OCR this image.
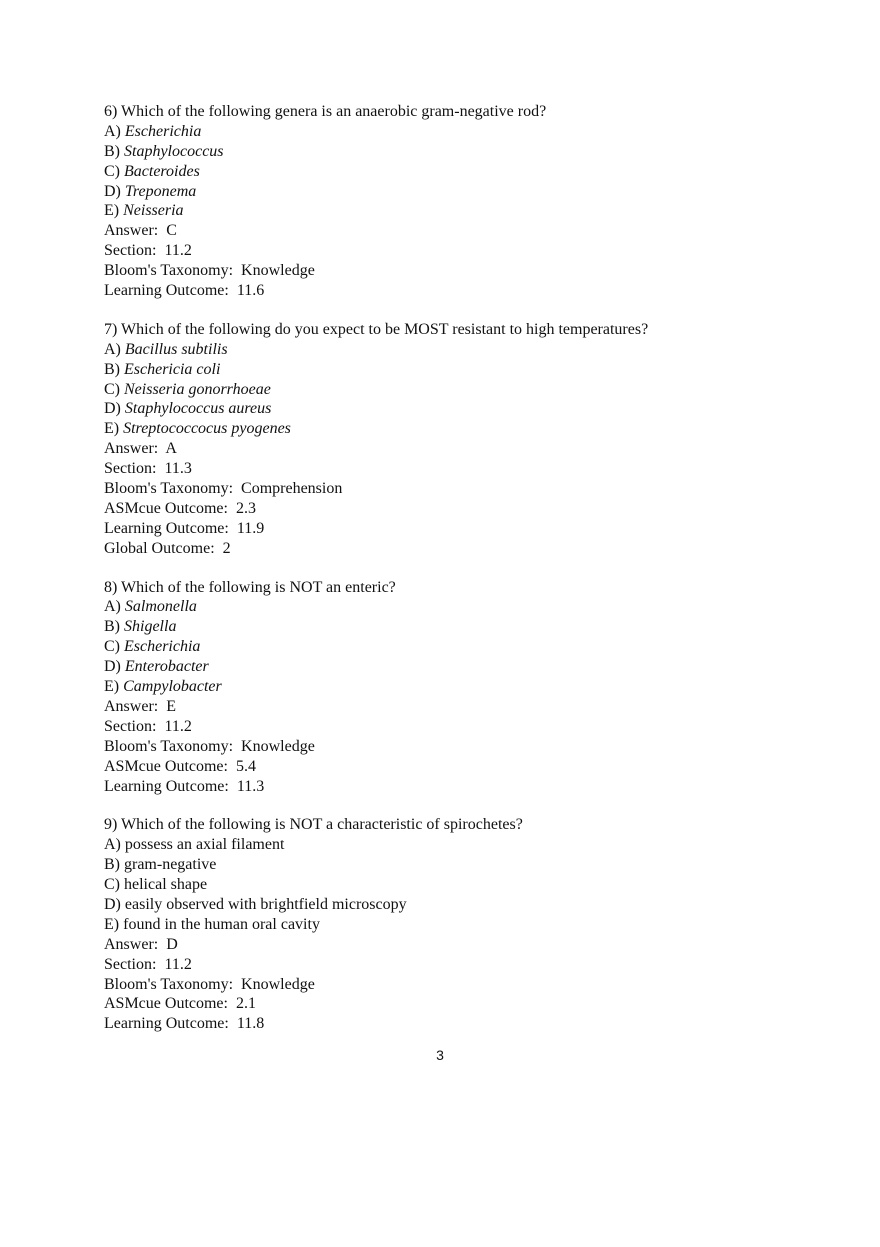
6) Which of the following genera is an anaerobic gram-negative rod?
A) Escherichia
B) Staphylococcus
C) Bacteroides
D) Treponema
E) Neisseria
Answer:  C
Section:  11.2
Bloom's Taxonomy:  Knowledge
Learning Outcome:  11.6
7) Which of the following do you expect to be MOST resistant to high temperatures?
A) Bacillus subtilis
B) Eschericia coli
C) Neisseria gonorrhoeae
D) Staphylococcus aureus
E) Streptococcocus pyogenes
Answer:  A
Section:  11.3
Bloom's Taxonomy:  Comprehension
ASMcue Outcome:  2.3
Learning Outcome:  11.9
Global Outcome:  2
8) Which of the following is NOT an enteric?
A) Salmonella
B) Shigella
C) Escherichia
D) Enterobacter
E) Campylobacter
Answer:  E
Section:  11.2
Bloom's Taxonomy:  Knowledge
ASMcue Outcome:  5.4
Learning Outcome:  11.3
9) Which of the following is NOT a characteristic of spirochetes?
A) possess an axial filament
B) gram-negative
C) helical shape
D) easily observed with brightfield microscopy
E) found in the human oral cavity
Answer:  D
Section:  11.2
Bloom's Taxonomy:  Knowledge
ASMcue Outcome:  2.1
Learning Outcome:  11.8
3
